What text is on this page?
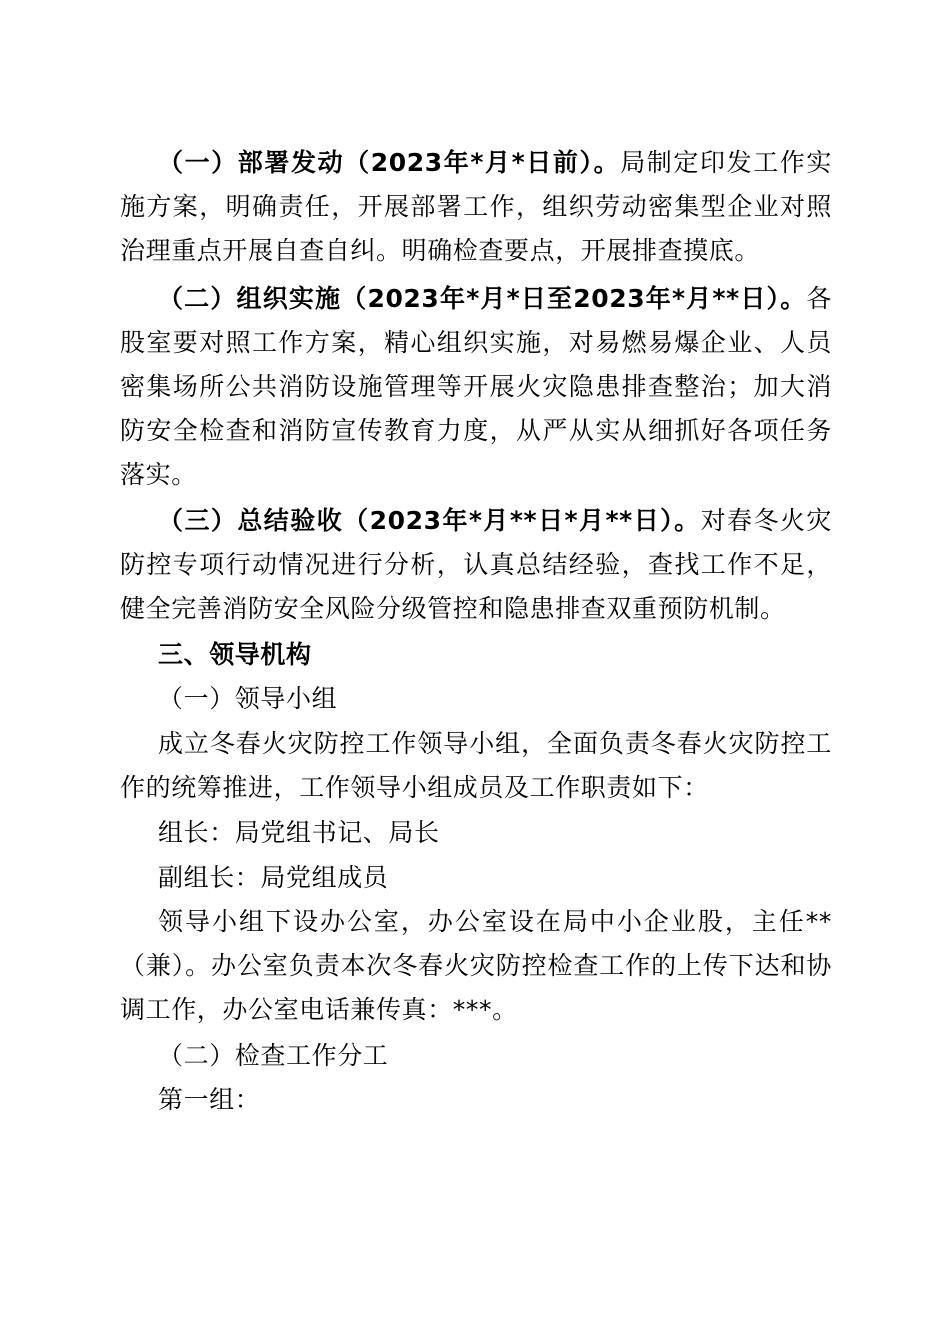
（一）部署发动（2023年*月*日前）。局制定印发工作实施方案，明确责任，开展部署工作，组织劳动密集型企业对照治理重点开展自查自纠。明确检查要点，开展排查摸底。

（二）组织实施（2023年*月*日至2023年*月**日）。各股室要对照工作方案，精心组织实施，对易燃易爆企业、人员密集场所公共消防设施管理等开展火灾隐患排查整治；加大消防安全检查和消防宣传教育力度，从严从实从细抓好各项任务落实。

（三）总结验收（2023年*月**日*月**日）。对春冬火灾防控专项行动情况进行分析，认真总结经验，查找工作不足，健全完善消防安全风险分级管控和隐患排查双重预防机制。

三、领导机构

（一）领导小组

成立冬春火灾防控工作领导小组，全面负责冬春火灾防控工作的统筹推进，工作领导小组成员及工作职责如下：

组长：局党组书记、局长

副组长：局党组成员

领导小组下设办公室，办公室设在局中小企业股，主任**（兼）。办公室负责本次冬春火灾防控检查工作的上传下达和协调工作，办公室电话兼传真：***。

（二）检查工作分工

第一组：
